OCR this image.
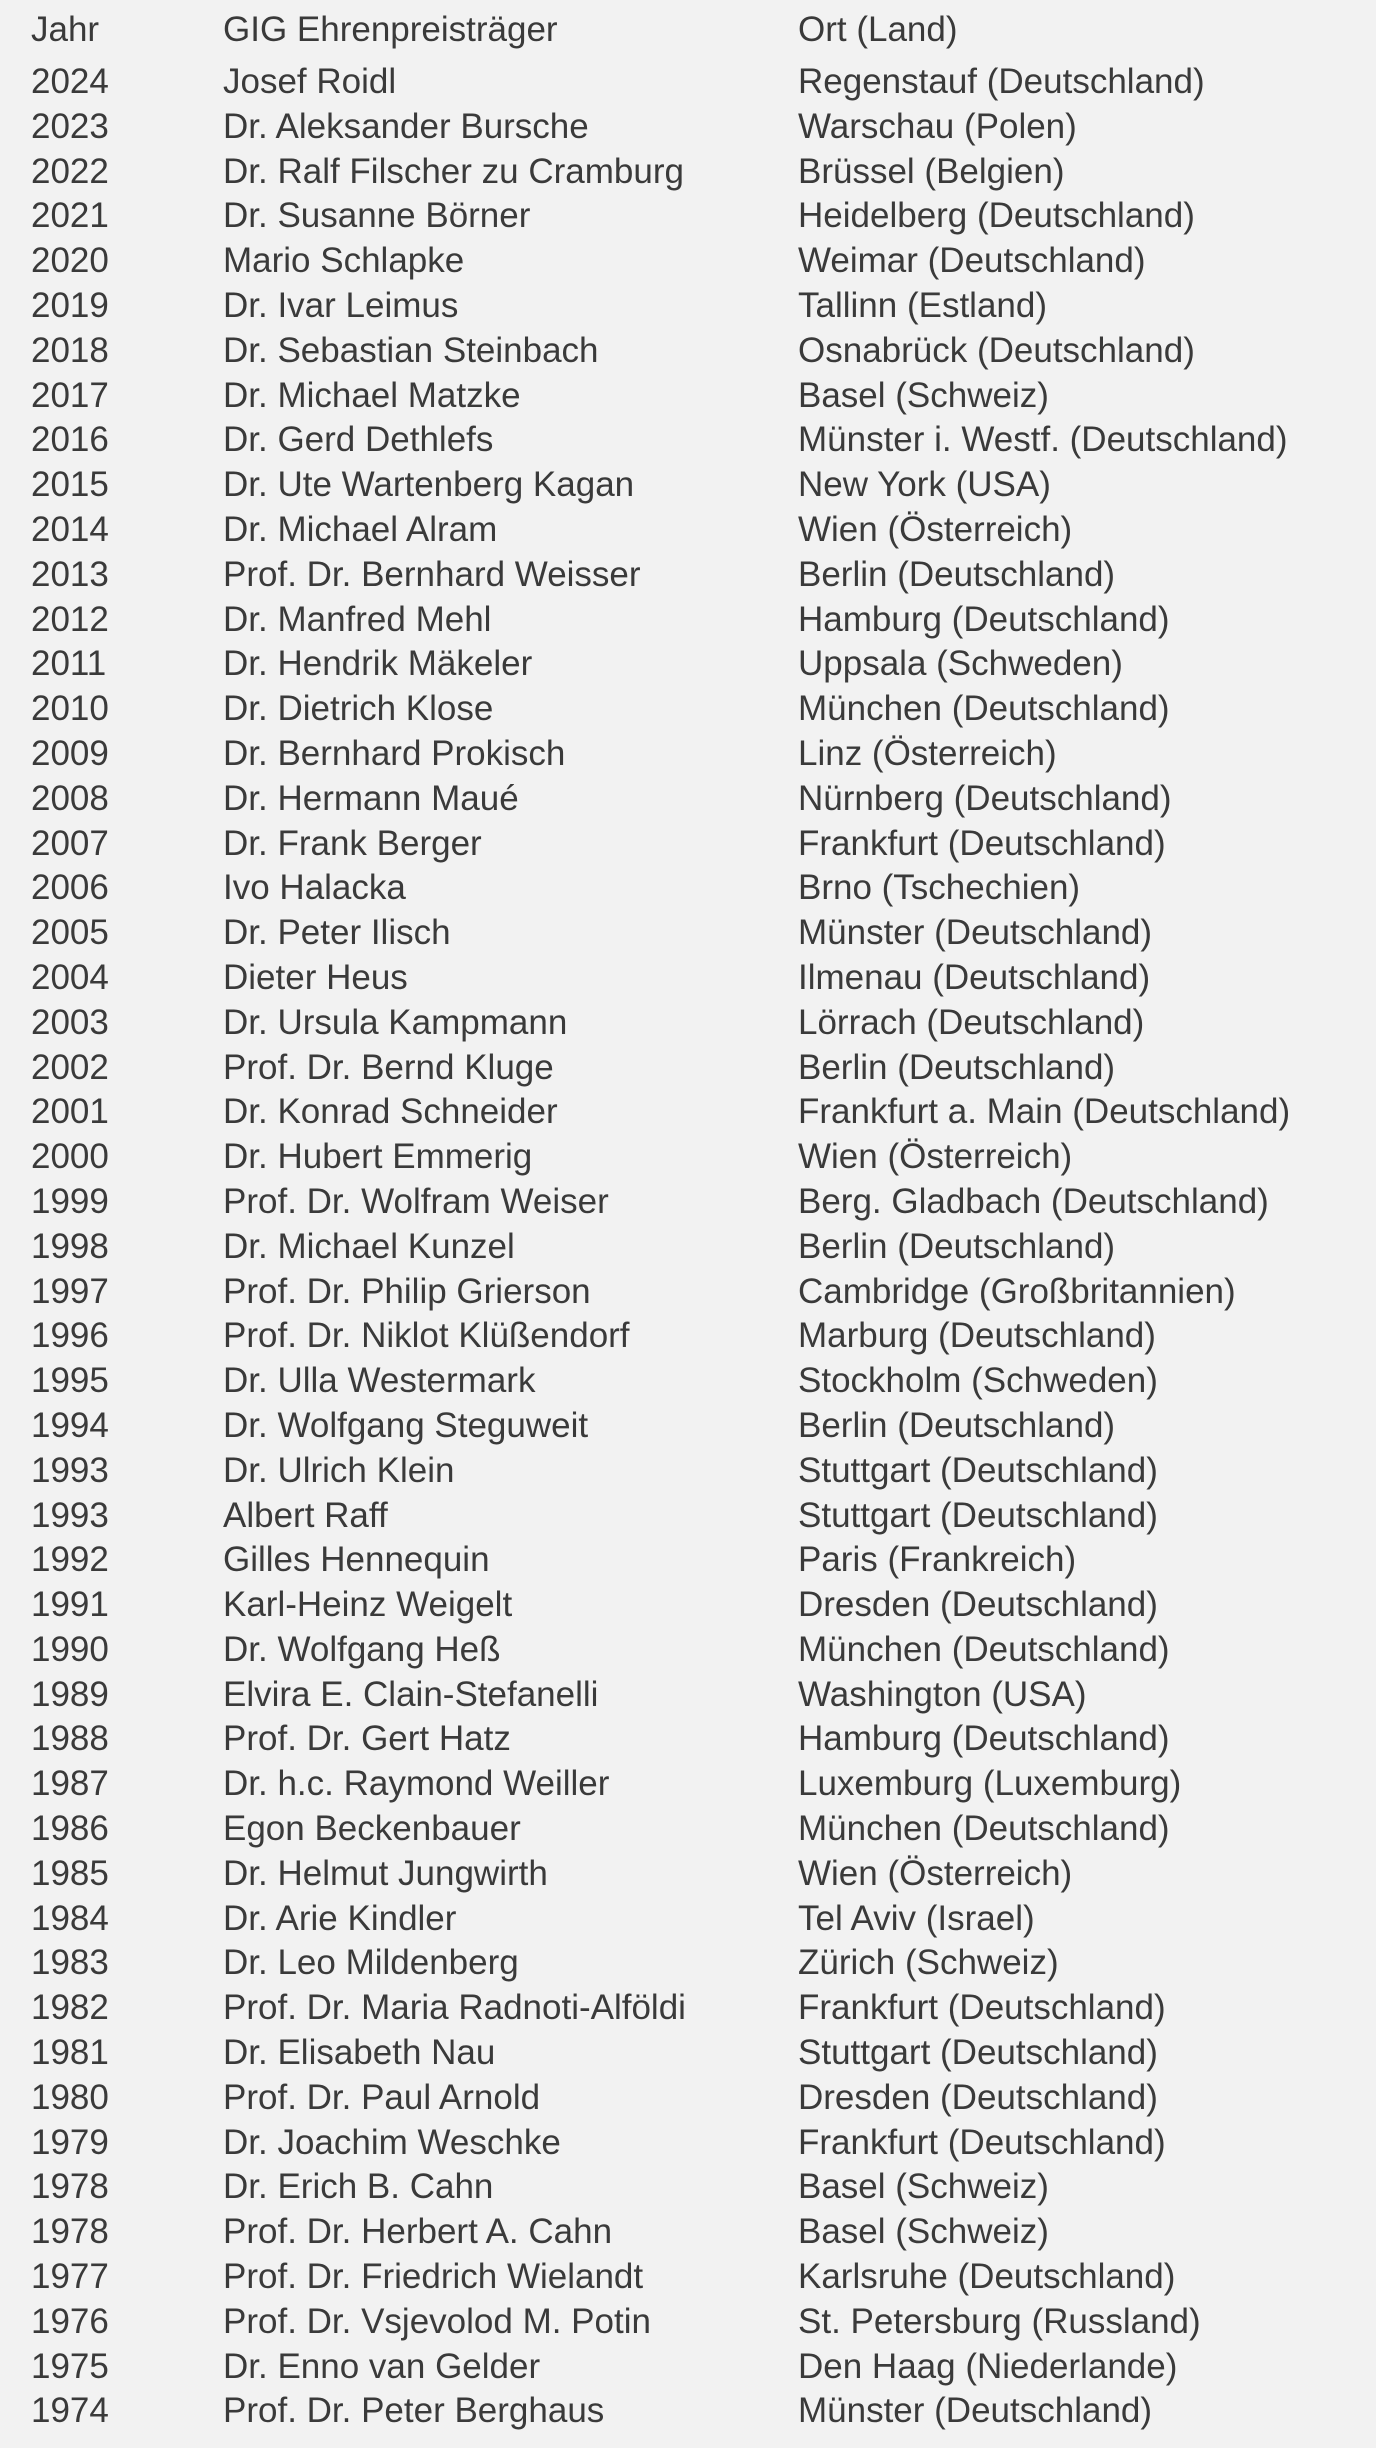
Jahr	GIG Ehrenpreisträger	Ort (Land)
2024	Josef Roidl	Regenstauf (Deutschland)
2023	Dr. Aleksander Bursche	Warschau (Polen)
2022	Dr. Ralf Filscher zu Cramburg	Brüssel (Belgien)
2021	Dr. Susanne Börner	Heidelberg (Deutschland)
2020	Mario Schlapke	Weimar (Deutschland)
2019	Dr. Ivar Leimus	Tallinn (Estland)
2018	Dr. Sebastian Steinbach	Osnabrück (Deutschland)
2017	Dr. Michael Matzke	Basel (Schweiz)
2016	Dr. Gerd Dethlefs	Münster i. Westf. (Deutschland)
2015	Dr. Ute Wartenberg Kagan	New York (USA)
2014	Dr. Michael Alram	Wien (Österreich)
2013	Prof. Dr. Bernhard Weisser	Berlin (Deutschland)
2012	Dr. Manfred Mehl	Hamburg (Deutschland)
2011	Dr. Hendrik Mäkeler	Uppsala (Schweden)
2010	Dr. Dietrich Klose	München (Deutschland)
2009	Dr. Bernhard Prokisch	Linz (Österreich)
2008	Dr. Hermann Maué	Nürnberg (Deutschland)
2007	Dr. Frank Berger	Frankfurt (Deutschland)
2006	Ivo Halacka	Brno (Tschechien)
2005	Dr. Peter Ilisch	Münster (Deutschland)
2004	Dieter Heus	Ilmenau (Deutschland)
2003	Dr. Ursula Kampmann	Lörrach (Deutschland)
2002	Prof. Dr. Bernd Kluge	Berlin (Deutschland)
2001	Dr. Konrad Schneider	Frankfurt a. Main (Deutschland)
2000	Dr. Hubert Emmerig	Wien (Österreich)
1999	Prof. Dr. Wolfram Weiser	Berg. Gladbach (Deutschland)
1998	Dr. Michael Kunzel	Berlin (Deutschland)
1997	Prof. Dr. Philip Grierson	Cambridge (Großbritannien)
1996	Prof. Dr. Niklot Klüßendorf	Marburg (Deutschland)
1995	Dr. Ulla Westermark	Stockholm (Schweden)
1994	Dr. Wolfgang Steguweit	Berlin (Deutschland)
1993	Dr. Ulrich Klein	Stuttgart (Deutschland)
1993	Albert Raff	Stuttgart (Deutschland)
1992	Gilles Hennequin	Paris (Frankreich)
1991	Karl-Heinz Weigelt	Dresden (Deutschland)
1990	Dr. Wolfgang Heß	München (Deutschland)
1989	Elvira E. Clain-Stefanelli	Washington (USA)
1988	Prof. Dr. Gert Hatz	Hamburg (Deutschland)
1987	Dr. h.c. Raymond Weiller	Luxemburg (Luxemburg)
1986	Egon Beckenbauer	München (Deutschland)
1985	Dr. Helmut Jungwirth	Wien (Österreich)
1984	Dr. Arie Kindler	Tel Aviv (Israel)
1983	Dr. Leo Mildenberg	Zürich (Schweiz)
1982	Prof. Dr. Maria Radnoti-Alföldi	Frankfurt (Deutschland)
1981	Dr. Elisabeth Nau	Stuttgart (Deutschland)
1980	Prof. Dr. Paul Arnold	Dresden (Deutschland)
1979	Dr. Joachim Weschke	Frankfurt (Deutschland)
1978	Dr. Erich B. Cahn	Basel (Schweiz)
1978	Prof. Dr. Herbert A. Cahn	Basel (Schweiz)
1977	Prof. Dr. Friedrich Wielandt	Karlsruhe (Deutschland)
1976	Prof. Dr. Vsjevolod M. Potin	St. Petersburg (Russland)
1975	Dr. Enno van Gelder	Den Haag (Niederlande)
1974	Prof. Dr. Peter Berghaus	Münster (Deutschland)
